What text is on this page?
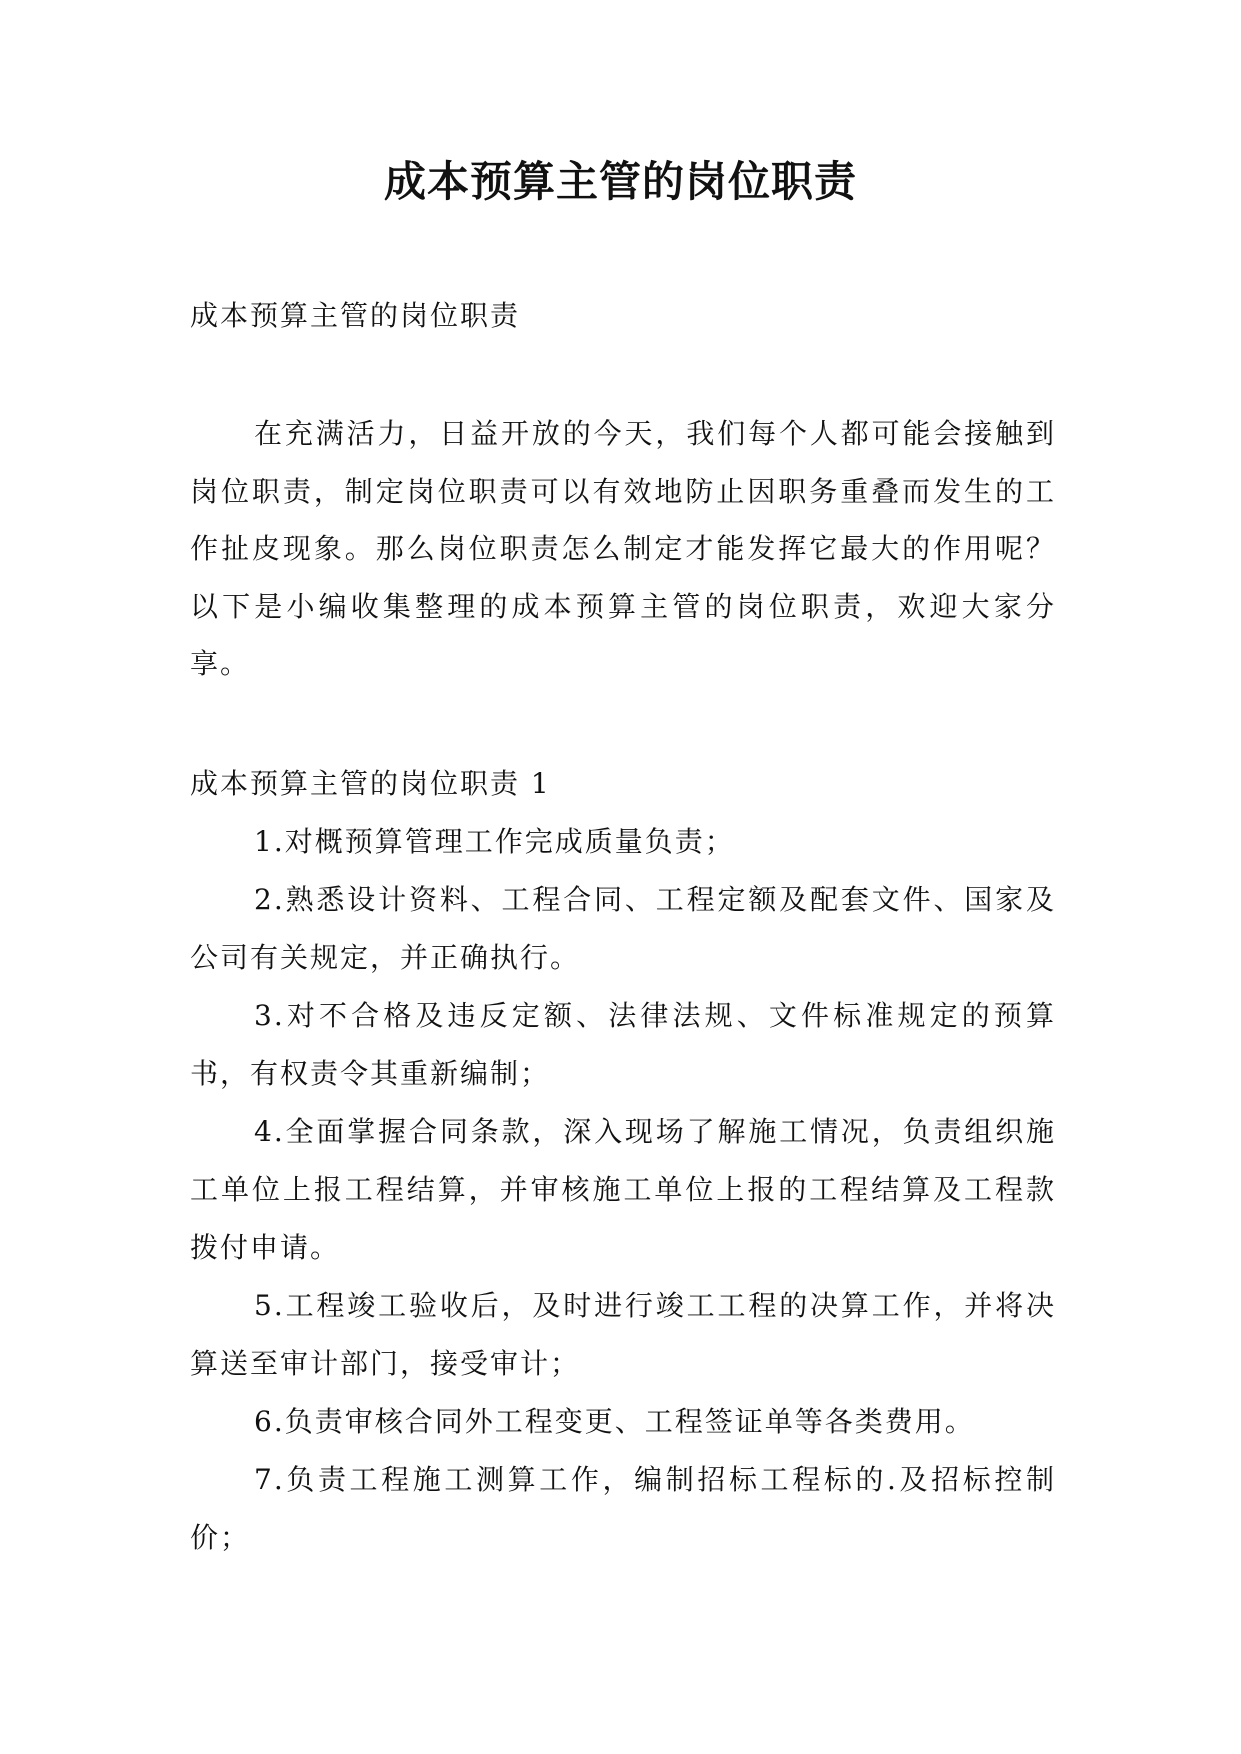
成本预算主管的岗位职责

成本预算主管的岗位职责

在充满活力，日益开放的今天，我们每个人都可能会接触到岗位职责，制定岗位职责可以有效地防止因职务重叠而发生的工作扯皮现象。那么岗位职责怎么制定才能发挥它最大的作用呢？以下是小编收集整理的成本预算主管的岗位职责，欢迎大家分享。

成本预算主管的岗位职责 1

1.对概预算管理工作完成质量负责；
2.熟悉设计资料、工程合同、工程定额及配套文件、国家及公司有关规定，并正确执行。
3.对不合格及违反定额、法律法规、文件标准规定的预算书，有权责令其重新编制；
4.全面掌握合同条款，深入现场了解施工情况，负责组织施工单位上报工程结算，并审核施工单位上报的工程结算及工程款拨付申请。
5.工程竣工验收后，及时进行竣工工程的决算工作，并将决算送至审计部门，接受审计；
6.负责审核合同外工程变更、工程签证单等各类费用。
7.负责工程施工测算工作，编制招标工程标的.及招标控制价；
